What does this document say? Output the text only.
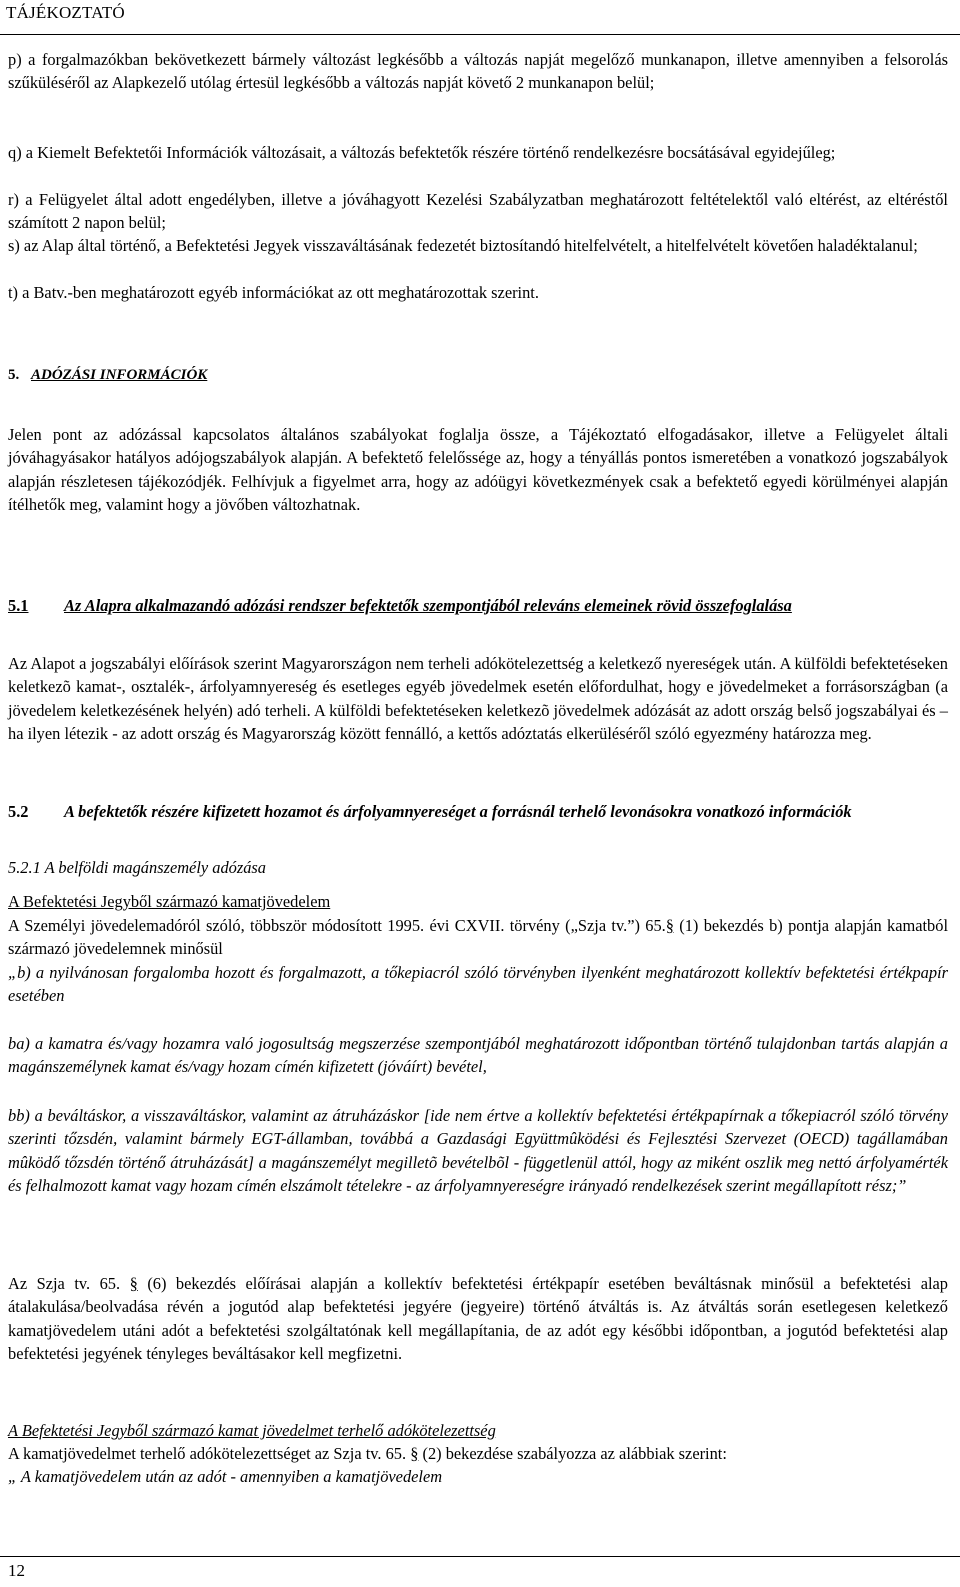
TÁJÉKOZTATÓ

p) a forgalmazókban bekövetkezett bármely változást legkésőbb a változás napját megelőző munkanapon, illetve amennyiben a felsorolás szűküléséről az Alapkezelő utólag értesül legkésőbb a változás napját követő 2 munkanapon belül;

q) a Kiemelt Befektetői Információk változásait, a változás befektetők részére történő rendelkezésre bocsátásával egyidejűleg;

r) a Felügyelet által adott engedélyben, illetve a jóváhagyott Kezelési Szabályzatban meghatározott feltételektől való eltérést, az eltéréstől számított 2 napon belül;

s) az Alap által történő, a Befektetési Jegyek visszaváltásának fedezetét biztosítandó hitelfelvételt, a hitelfelvételt követően haladéktalanul;

t) a Batv.-ben meghatározott egyéb információkat az ott meghatározottak szerint.

5. ADÓZÁSI INFORMÁCIÓK

Jelen pont az adózással kapcsolatos általános szabályokat foglalja össze, a Tájékoztató elfogadásakor, illetve a Felügyelet általi jóváhagyásakor hatályos adójogszabályok alapján. A befektető felelőssége az, hogy a tényállás pontos ismeretében a vonatkozó jogszabályok alapján részletesen tájékozódjék. Felhívjuk a figyelmet arra, hogy az adóügyi következmények csak a befektető egyedi körülményei alapján ítélhetők meg, valamint hogy a jövőben változhatnak.

5.1	Az Alapra alkalmazandó adózási rendszer befektetők szempontjából releváns elemeinek rövid összefoglalása

Az Alapot a jogszabályi előírások szerint Magyarországon nem terheli adókötelezettség a keletkező nyereségek után. A külföldi befektetéseken keletkezõ kamat-, osztalék-, árfolyamnyereség és esetleges egyéb jövedelmek esetén előfordulhat, hogy e jövedelmeket a forrásországban (a jövedelem keletkezésének helyén) adó terheli. A külföldi befektetéseken keletkezõ jövedelmek adózását az adott ország belső jogszabályai és – ha ilyen létezik - az adott ország és Magyarország között fennálló, a kettős adóztatás elkerüléséről szóló egyezmény határozza meg.

5.2	A befektetők részére kifizetett hozamot és árfolyamnyereséget a forrásnál terhelő levonásokra vonatkozó információk

5.2.1 A belföldi magánszemély adózása

A Befektetési Jegyből származó kamatjövedelem

A Személyi jövedelemadóról szóló, többször módosított 1995. évi CXVII. törvény („Szja tv.”) 65.§ (1) bekezdés b) pontja alapján kamatból származó jövedelemnek minősül

„b) a nyilvánosan forgalomba hozott és forgalmazott, a tőkepiacról szóló törvényben ilyenként meghatározott kollektív befektetési értékpapír esetében

ba) a kamatra és/vagy hozamra való jogosultság megszerzése szempontjából meghatározott időpontban történő tulajdonban tartás alapján a magánszemélynek kamat és/vagy hozam címén kifizetett (jóváírt) bevétel,

bb) a beváltáskor, a visszaváltáskor, valamint az átruházáskor [ide nem értve a kollektív befektetési értékpapírnak a tőkepiacról szóló törvény szerinti tőzsdén, valamint bármely EGT-államban, továbbá a Gazdasági Együttmûködési és Fejlesztési Szervezet (OECD) tagállamában mûködő tőzsdén történő átruházását] a magánszemélyt megilletõ bevételbõl - függetlenül attól, hogy az miként oszlik meg nettó árfolyamérték és felhalmozott kamat vagy hozam címén elszámolt tételekre - az árfolyamnyereségre irányadó rendelkezések szerint megállapított rész;”

Az Szja tv. 65. § (6) bekezdés előírásai alapján a kollektív befektetési értékpapír esetében beváltásnak minősül a befektetési alap átalakulása/beolvadása révén a jogutód alap befektetési jegyére (jegyeire) történő átváltás is. Az átváltás során esetlegesen keletkező kamatjövedelem utáni adót a befektetési szolgáltatónak kell megállapítania, de az adót egy későbbi időpontban, a jogutód befektetési alap befektetési jegyének tényleges beváltásakor kell megfizetni.

A Befektetési Jegyből származó kamat jövedelmet terhelő adókötelezettség

A kamatjövedelmet terhelő adókötelezettséget az Szja tv. 65. § (2) bekezdése szabályozza az alábbiak szerint:

„ A kamatjövedelem után az adót - amennyiben a kamatjövedelem

12
